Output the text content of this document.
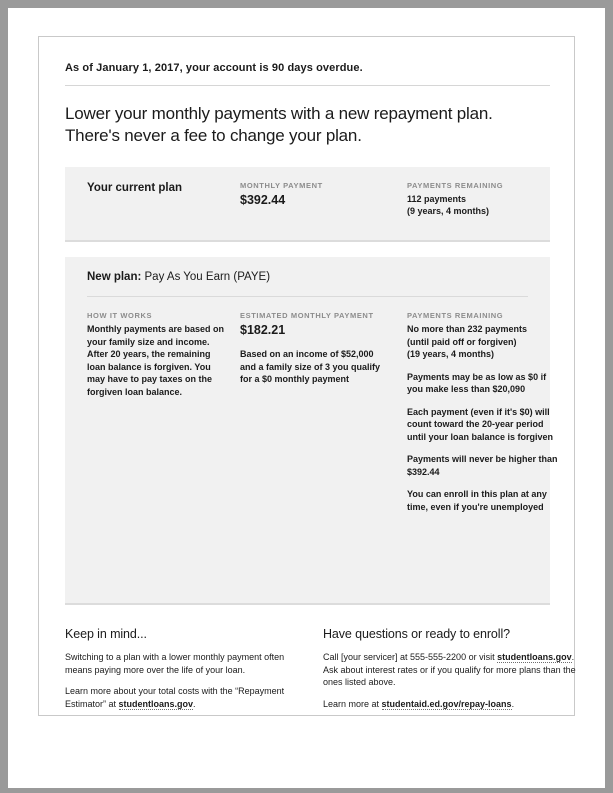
As of January 1, 2017, your account is 90 days overdue.
Lower your monthly payments with a new repayment plan.
There's never a fee to change your plan.
Your current plan	MONTHLY PAYMENT
$392.44
PAYMENTS REMAINING
112 payments
(9 years, 4 months)
New plan: Pay As You Earn (PAYE)
HOW IT WORKS
Monthly payments are based on your family size and income. After 20 years, the remaining loan balance is forgiven. You may have to pay taxes on the forgiven loan balance.
ESTIMATED MONTHLY PAYMENT
$182.21
Based on an income of $52,000 and a family size of 3 you qualify for a $0 monthly payment
PAYMENTS REMAINING
No more than 232 payments
(until paid off or forgiven)
(19 years, 4 months)
Payments may be as low as $0 if you make less than $20,090
Each payment (even if it's $0) will count toward the 20-year period until your loan balance is forgiven
Payments will never be higher than $392.44
You can enroll in this plan at any time, even if you're unemployed
Keep in mind...
Switching to a plan with a lower monthly payment often means paying more over the life of your loan.
Learn more about your total costs with the “Repayment Estimator” at studentloans.gov.
Have questions or ready to enroll?
Call [your servicer] at 555-555-2200 or visit studentloans.gov. Ask about interest rates or if you qualify for more plans than the ones listed above.
Learn more at studentaid.ed.gov/repay-loans.
